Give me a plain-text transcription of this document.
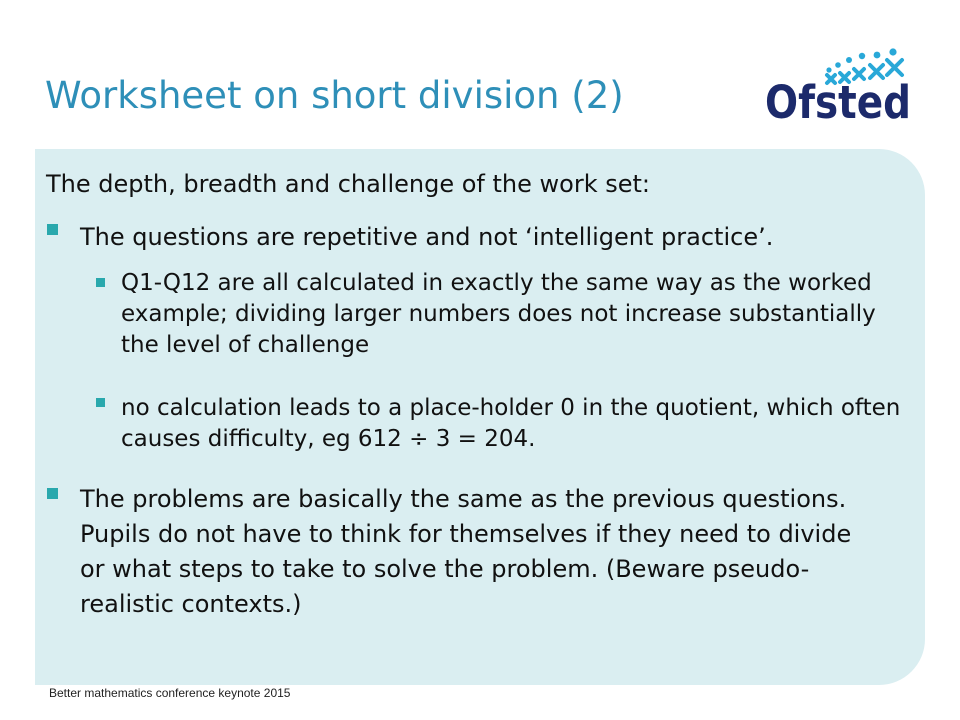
Worksheet on short division (2)	Ofsted
The depth, breadth and challenge of the work set:
The questions are repetitive and not ‘intelligent practice’.
Q1-Q12 are all calculated in exactly the same way as the worked example; dividing larger numbers does not increase substantially the level of challenge
no calculation leads to a place-holder 0 in the quotient, which often causes difficulty, eg 612 ÷ 3 = 204.
The problems are basically the same as the previous questions. Pupils do not have to think for themselves if they need to divide or what steps to take to solve the problem. (Beware pseudo-realistic contexts.)
Better mathematics conference keynote 2015
